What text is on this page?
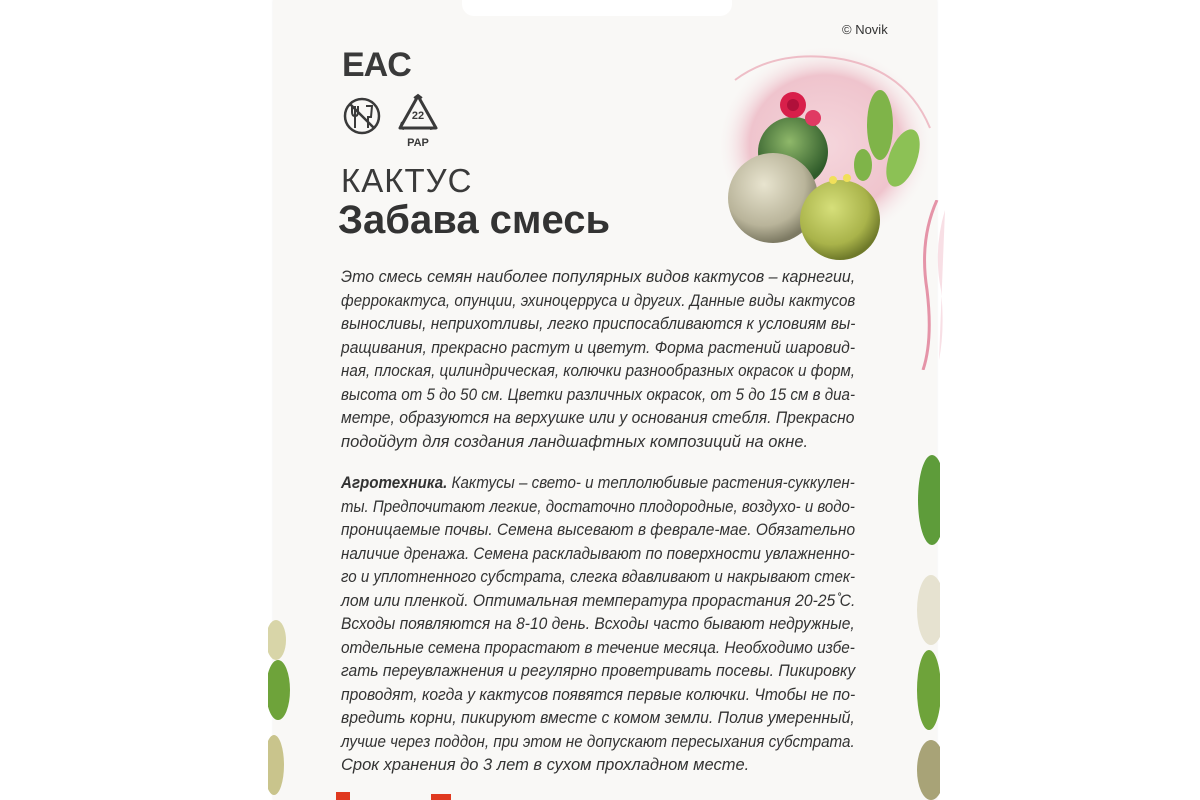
© Novik
EAC
22
PAP
КАКТУС
Забава смесь
Это смесь семян наиболее популярных видов кактусов – карнегии,
феррокактуса, опунции, эхиноцерруса и других. Данные виды кактусов
выносливы, неприхотливы, легко приспосабливаются к условиям вы-
ращивания, прекрасно растут и цветут. Форма растений шаровид-
ная, плоская, цилиндрическая, колючки разнообразных окрасок и форм,
высота от 5 до 50 см. Цветки различных окрасок, от 5 до 15 см в диа-
метре, образуются на верхушке или у основания стебля. Прекрасно
подойдут для создания ландшафтных композиций на окне.
Агротехника. Кактусы – свето- и теплолюбивые растения-суккулен-
ты. Предпочитают легкие, достаточно плодородные, воздухо- и водо-
проницаемые почвы. Семена высевают в феврале-мае. Обязательно
наличие дренажа. Семена раскладывают по поверхности увлажненно-
го и уплотненного субстрата, слегка вдавливают и накрывают стек-
лом или пленкой. Оптимальная температура прорастания 20-25 ̊С.
Всходы появляются на 8-10 день. Всходы часто бывают недружные,
отдельные семена прорастают в течение месяца. Необходимо избе-
гать переувлажнения и регулярно проветривать посевы. Пикировку
проводят, когда у кактусов появятся первые колючки. Чтобы не по-
вредить корни, пикируют вместе с комом земли. Полив умеренный,
лучше через поддон, при этом не допускают пересыхания субстрата.
Срок хранения до 3 лет в сухом прохладном месте.
